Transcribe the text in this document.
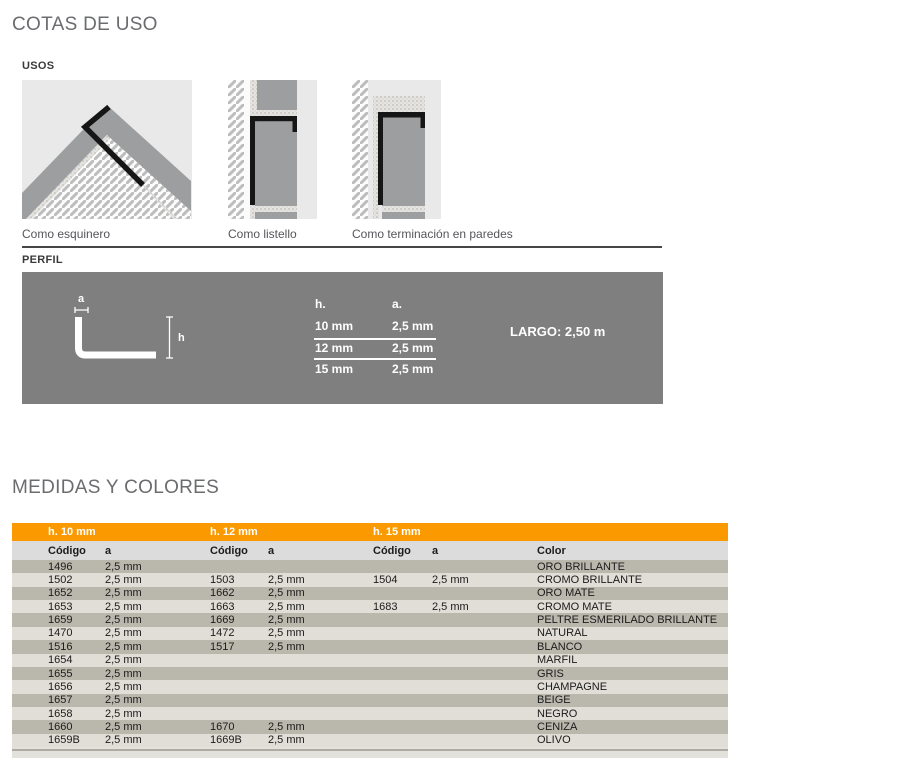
COTAS DE USO
USOS
Como esquinero	Como listello	Como terminación en paredes
PERFIL
a
h
h.	a.
10 mm	2,5 mm
12 mm	2,5 mm
15 mm	2,5 mm
LARGO: 2,50 m
MEDIDAS Y COLORES
h. 10 mm	h. 12 mm	h. 15 mm
Código a	Código a	Código a	Color
1496	2,5 mm	ORO BRILLANTE
1502	2,5 mm	1503	2,5 mm	1504	2,5 mm	CROMO BRILLANTE
1652	2,5 mm	1662	2,5 mm	ORO MATE
1653	2,5 mm	1663	2,5 mm	1683	2,5 mm	CROMO MATE
1659	2,5 mm	1669	2,5 mm	PELTRE ESMERILADO BRILLANTE
1470	2,5 mm	1472	2,5 mm	NATURAL
1516	2,5 mm	1517	2,5 mm	BLANCO
1654	2,5 mm	MARFIL
1655	2,5 mm	GRIS
1656	2,5 mm	CHAMPAGNE
1657	2,5 mm	BEIGE
1658	2,5 mm	NEGRO
1660	2,5 mm	1670	2,5 mm	CENIZA
1659B 2,5 mm	1669B 2,5 mm	OLIVO
